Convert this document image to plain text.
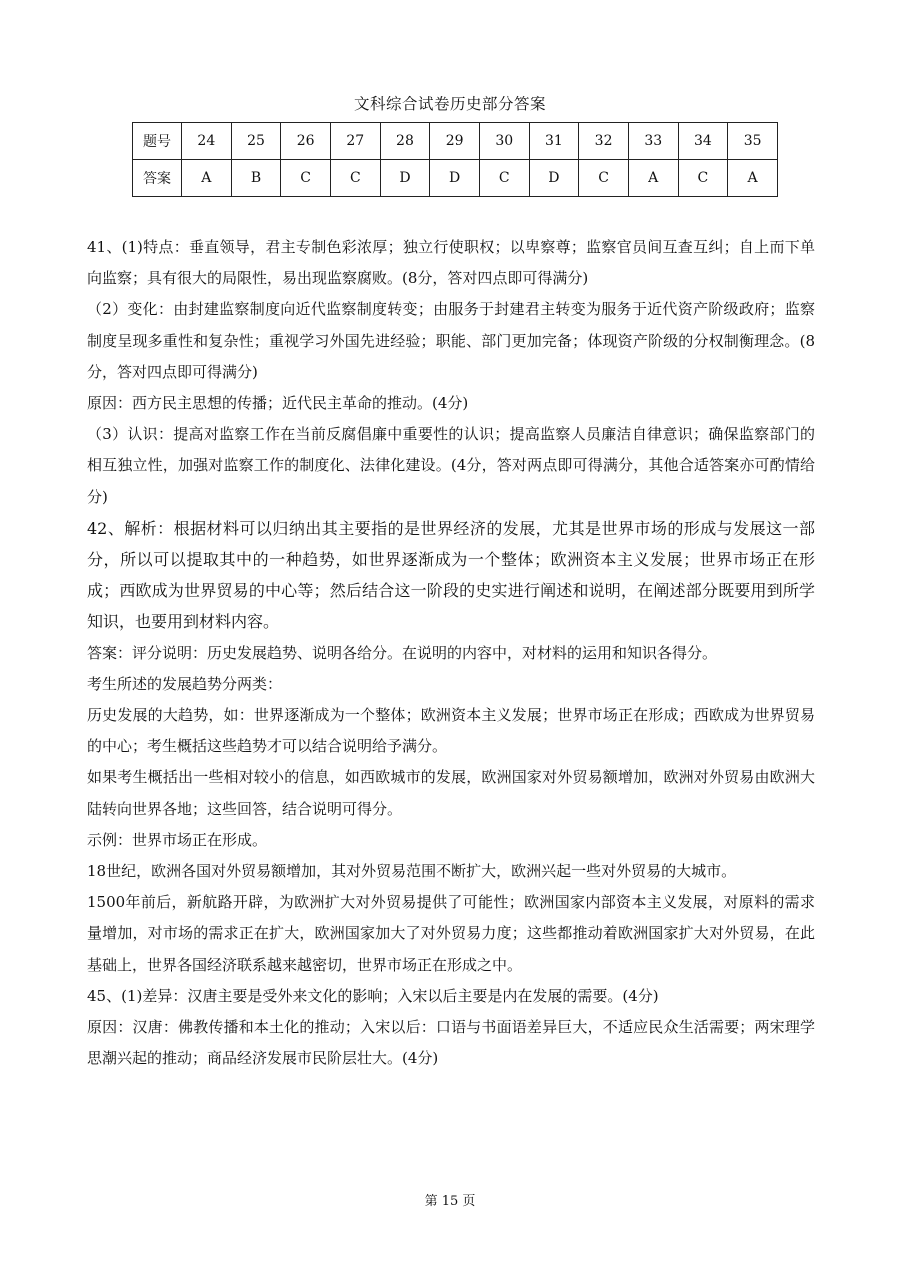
文科综合试卷历史部分答案
题号	24	25	26	27	28	29	30	31	32	33	34	35
答案	A	B	C	C	D	D	C	D	C	A	C	A

41、(1)特点：垂直领导，君主专制色彩浓厚；独立行使职权；以卑察尊；监察官员间互查互纠；自上而下单向监察；具有很大的局限性，易出现监察腐败。(8分，答对四点即可得满分)

（2）变化：由封建监察制度向近代监察制度转变；由服务于封建君主转变为服务于近代资产阶级政府；监察制度呈现多重性和复杂性；重视学习外国先进经验；职能、部门更加完备；体现资产阶级的分权制衡理念。(8分，答对四点即可得满分)

原因：西方民主思想的传播；近代民主革命的推动。(4分)

（3）认识：提高对监察工作在当前反腐倡廉中重要性的认识；提高监察人员廉洁自律意识；确保监察部门的相互独立性，加强对监察工作的制度化、法律化建设。(4分，答对两点即可得满分，其他合适答案亦可酌情给分)

42、解析：根据材料可以归纳出其主要指的是世界经济的发展，尤其是世界市场的形成与发展这一部分，所以可以提取其中的一种趋势，如世界逐渐成为一个整体；欧洲资本主义发展；世界市场正在形成；西欧成为世界贸易的中心等；然后结合这一阶段的史实进行阐述和说明，在阐述部分既要用到所学知识，也要用到材料内容。

答案：评分说明：历史发展趋势、说明各给分。在说明的内容中，对材料的运用和知识各得分。

考生所述的发展趋势分两类：

历史发展的大趋势，如：世界逐渐成为一个整体；欧洲资本主义发展；世界市场正在形成；西欧成为世界贸易的中心；考生概括这些趋势才可以结合说明给予满分。

如果考生概括出一些相对较小的信息，如西欧城市的发展，欧洲国家对外贸易额增加，欧洲对外贸易由欧洲大陆转向世界各地；这些回答，结合说明可得分。

示例：世界市场正在形成。

18世纪，欧洲各国对外贸易额增加，其对外贸易范围不断扩大，欧洲兴起一些对外贸易的大城市。

1500年前后，新航路开辟，为欧洲扩大对外贸易提供了可能性；欧洲国家内部资本主义发展，对原料的需求量增加，对市场的需求正在扩大，欧洲国家加大了对外贸易力度；这些都推动着欧洲国家扩大对外贸易，在此基础上，世界各国经济联系越来越密切，世界市场正在形成之中。

45、(1)差异：汉唐主要是受外来文化的影响；入宋以后主要是内在发展的需要。(4分)

原因：汉唐：佛教传播和本土化的推动；入宋以后：口语与书面语差异巨大，不适应民众生活需要；两宋理学思潮兴起的推动；商品经济发展市民阶层壮大。(4分)

第 15 页
